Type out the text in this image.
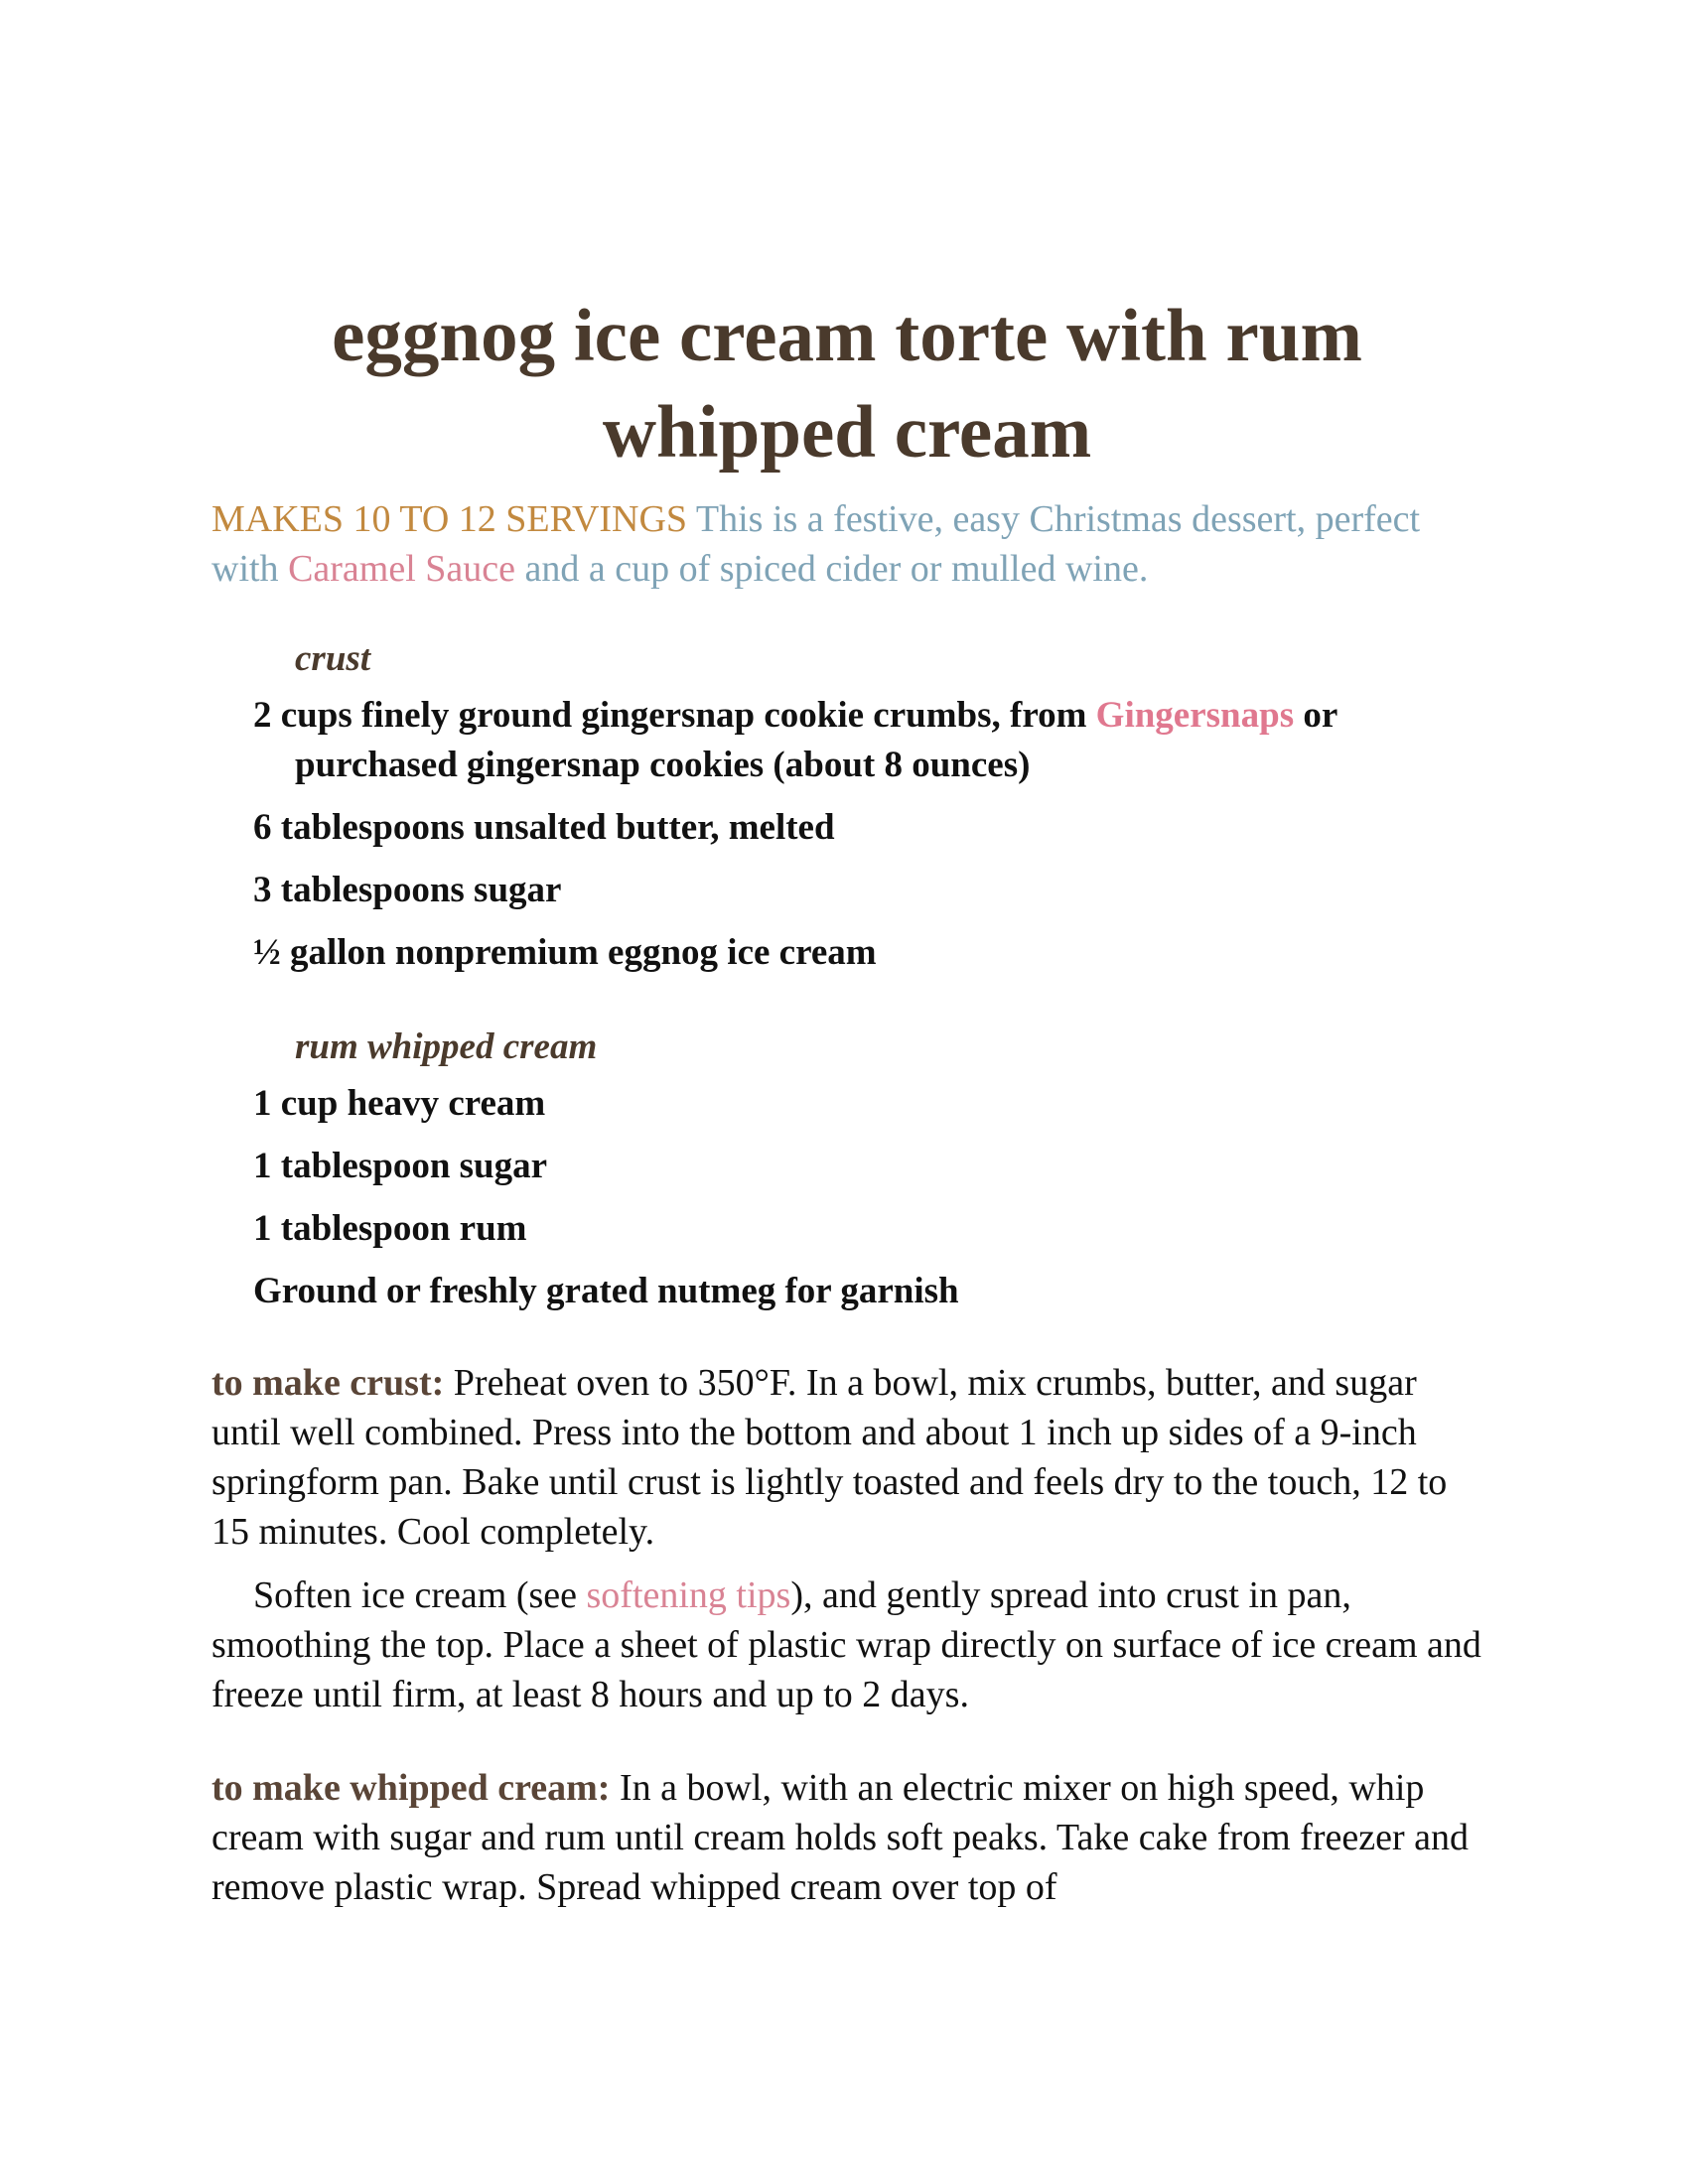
eggnog ice cream torte with rum
whipped cream

MAKES 10 TO 12 SERVINGS This is a festive, easy Christmas dessert, perfect with Caramel Sauce and a cup of spiced cider or mulled wine.

crust
2 cups finely ground gingersnap cookie crumbs, from Gingersnaps or purchased gingersnap cookies (about 8 ounces)
6 tablespoons unsalted butter, melted
3 tablespoons sugar
½ gallon nonpremium eggnog ice cream
rum whipped cream
1 cup heavy cream
1 tablespoon sugar
1 tablespoon rum
Ground or freshly grated nutmeg for garnish

to make crust: Preheat oven to 350°F. In a bowl, mix crumbs, butter, and sugar until well combined. Press into the bottom and about 1 inch up sides of a 9-inch springform pan. Bake until crust is lightly toasted and feels dry to the touch, 12 to 15 minutes. Cool completely.

Soften ice cream (see softening tips), and gently spread into crust in pan, smoothing the top. Place a sheet of plastic wrap directly on surface of ice cream and freeze until firm, at least 8 hours and up to 2 days.

to make whipped cream: In a bowl, with an electric mixer on high speed, whip cream with sugar and rum until cream holds soft peaks. Take cake from freezer and remove plastic wrap. Spread whipped cream over top of
